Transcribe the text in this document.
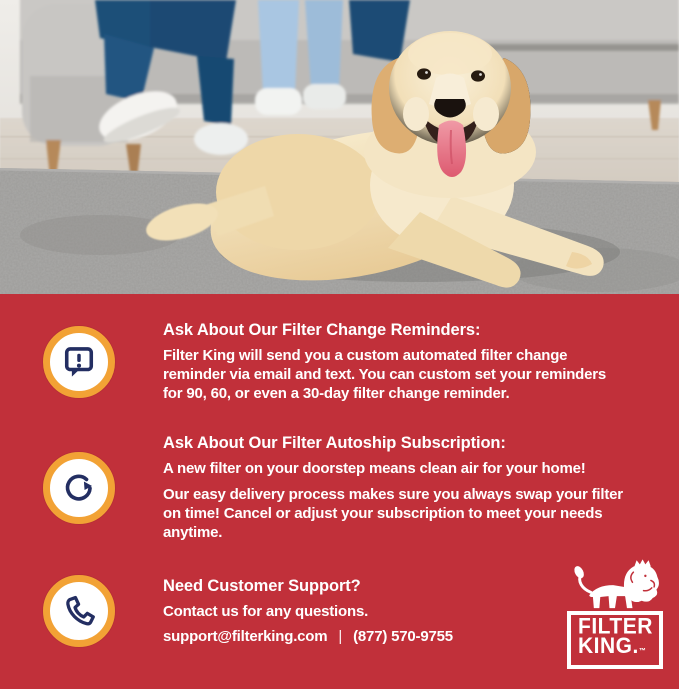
Ask About Our Filter Change Reminders:
Filter King will send you a custom automated filter change
reminder via email and text. You can custom set your reminders
for 90, 60, or even a 30-day filter change reminder.
Ask About Our Filter Autoship Subscription:
A new filter on your doorstep means clean air for your home!
Our easy delivery process makes sure you always swap your filter
on time! Cancel or adjust your subscription to meet your needs
anytime.
Need Customer Support?
Contact us for any questions.
support@filterking.com | (877) 570-9755	FILTER
KING.™
